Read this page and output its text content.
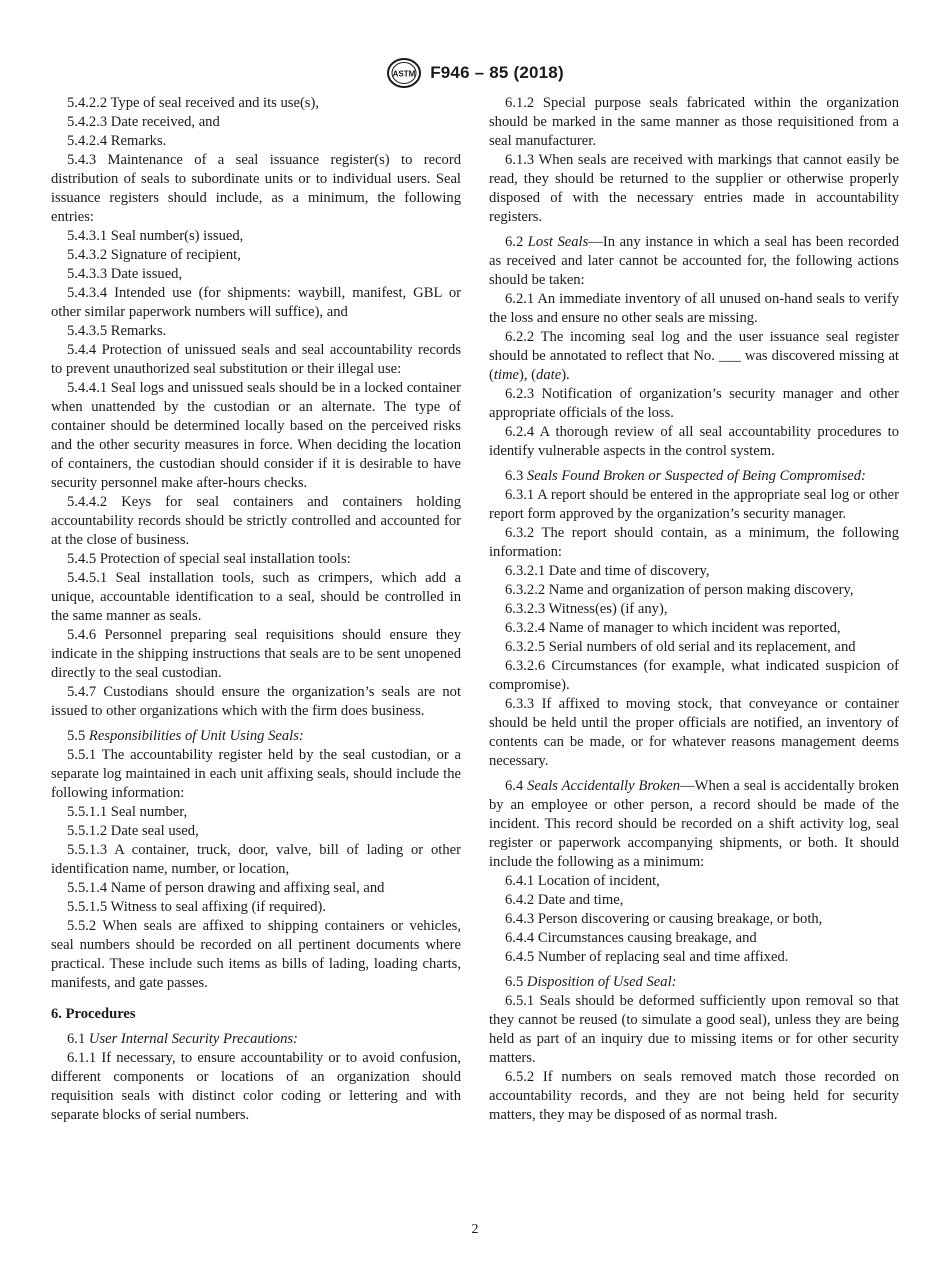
ASTM F946 – 85 (2018)

5.4.2.2 Type of seal received and its use(s),

5.4.2.3 Date received, and

5.4.2.4 Remarks.

5.4.3 Maintenance of a seal issuance register(s) to record distribution of seals to subordinate units or to individual users. Seal issuance registers should include, as a minimum, the following entries:

5.4.3.1 Seal number(s) issued,

5.4.3.2 Signature of recipient,

5.4.3.3 Date issued,

5.4.3.4 Intended use (for shipments: waybill, manifest, GBL or other similar paperwork numbers will suffice), and

5.4.3.5 Remarks.

5.4.4 Protection of unissued seals and seal accountability records to prevent unauthorized seal substitution or their illegal use:

5.4.4.1 Seal logs and unissued seals should be in a locked container when unattended by the custodian or an alternate. The type of container should be determined locally based on the perceived risks and the other security measures in force. When deciding the location of containers, the custodian should consider if it is desirable to have security personnel make after-hours checks.

5.4.4.2 Keys for seal containers and containers holding accountability records should be strictly controlled and accounted for at the close of business.

5.4.5 Protection of special seal installation tools:

5.4.5.1 Seal installation tools, such as crimpers, which add a unique, accountable identification to a seal, should be controlled in the same manner as seals.

5.4.6 Personnel preparing seal requisitions should ensure they indicate in the shipping instructions that seals are to be sent unopened directly to the seal custodian.

5.4.7 Custodians should ensure the organization’s seals are not issued to other organizations which with the firm does business.

5.5 Responsibilities of Unit Using Seals:

5.5.1 The accountability register held by the seal custodian, or a separate log maintained in each unit affixing seals, should include the following information:

5.5.1.1 Seal number,

5.5.1.2 Date seal used,

5.5.1.3 A container, truck, door, valve, bill of lading or other identification name, number, or location,

5.5.1.4 Name of person drawing and affixing seal, and

5.5.1.5 Witness to seal affixing (if required).

5.5.2 When seals are affixed to shipping containers or vehicles, seal numbers should be recorded on all pertinent documents where practical. These include such items as bills of lading, loading charts, manifests, and gate passes.

6. Procedures

6.1 User Internal Security Precautions:

6.1.1 If necessary, to ensure accountability or to avoid confusion, different components or locations of an organization should requisition seals with distinct color coding or lettering and with separate blocks of serial numbers.

6.1.2 Special purpose seals fabricated within the organization should be marked in the same manner as those requisitioned from a seal manufacturer.

6.1.3 When seals are received with markings that cannot easily be read, they should be returned to the supplier or otherwise properly disposed of with the necessary entries made in accountability registers.

6.2 Lost Seals—In any instance in which a seal has been recorded as received and later cannot be accounted for, the following actions should be taken:

6.2.1 An immediate inventory of all unused on-hand seals to verify the loss and ensure no other seals are missing.

6.2.2 The incoming seal log and the user issuance seal register should be annotated to reflect that No. ___ was discovered missing at (time), (date).

6.2.3 Notification of organization’s security manager and other appropriate officials of the loss.

6.2.4 A thorough review of all seal accountability procedures to identify vulnerable aspects in the control system.

6.3 Seals Found Broken or Suspected of Being Compromised:

6.3.1 A report should be entered in the appropriate seal log or other report form approved by the organization’s security manager.

6.3.2 The report should contain, as a minimum, the following information:

6.3.2.1 Date and time of discovery,

6.3.2.2 Name and organization of person making discovery,

6.3.2.3 Witness(es) (if any),

6.3.2.4 Name of manager to which incident was reported,

6.3.2.5 Serial numbers of old serial and its replacement, and

6.3.2.6 Circumstances (for example, what indicated suspicion of compromise).

6.3.3 If affixed to moving stock, that conveyance or container should be held until the proper officials are notified, an inventory of contents can be made, or for whatever reasons management deems necessary.

6.4 Seals Accidentally Broken—When a seal is accidentally broken by an employee or other person, a record should be made of the incident. This record should be recorded on a shift activity log, seal register or paperwork accompanying shipments, or both. It should include the following as a minimum:

6.4.1 Location of incident,

6.4.2 Date and time,

6.4.3 Person discovering or causing breakage, or both,

6.4.4 Circumstances causing breakage, and

6.4.5 Number of replacing seal and time affixed.

6.5 Disposition of Used Seal:

6.5.1 Seals should be deformed sufficiently upon removal so that they cannot be reused (to simulate a good seal), unless they are being held as part of an inquiry due to missing items or for other security matters.

6.5.2 If numbers on seals removed match those recorded on accountability records, and they are not being held for security matters, they may be disposed of as normal trash.

2
